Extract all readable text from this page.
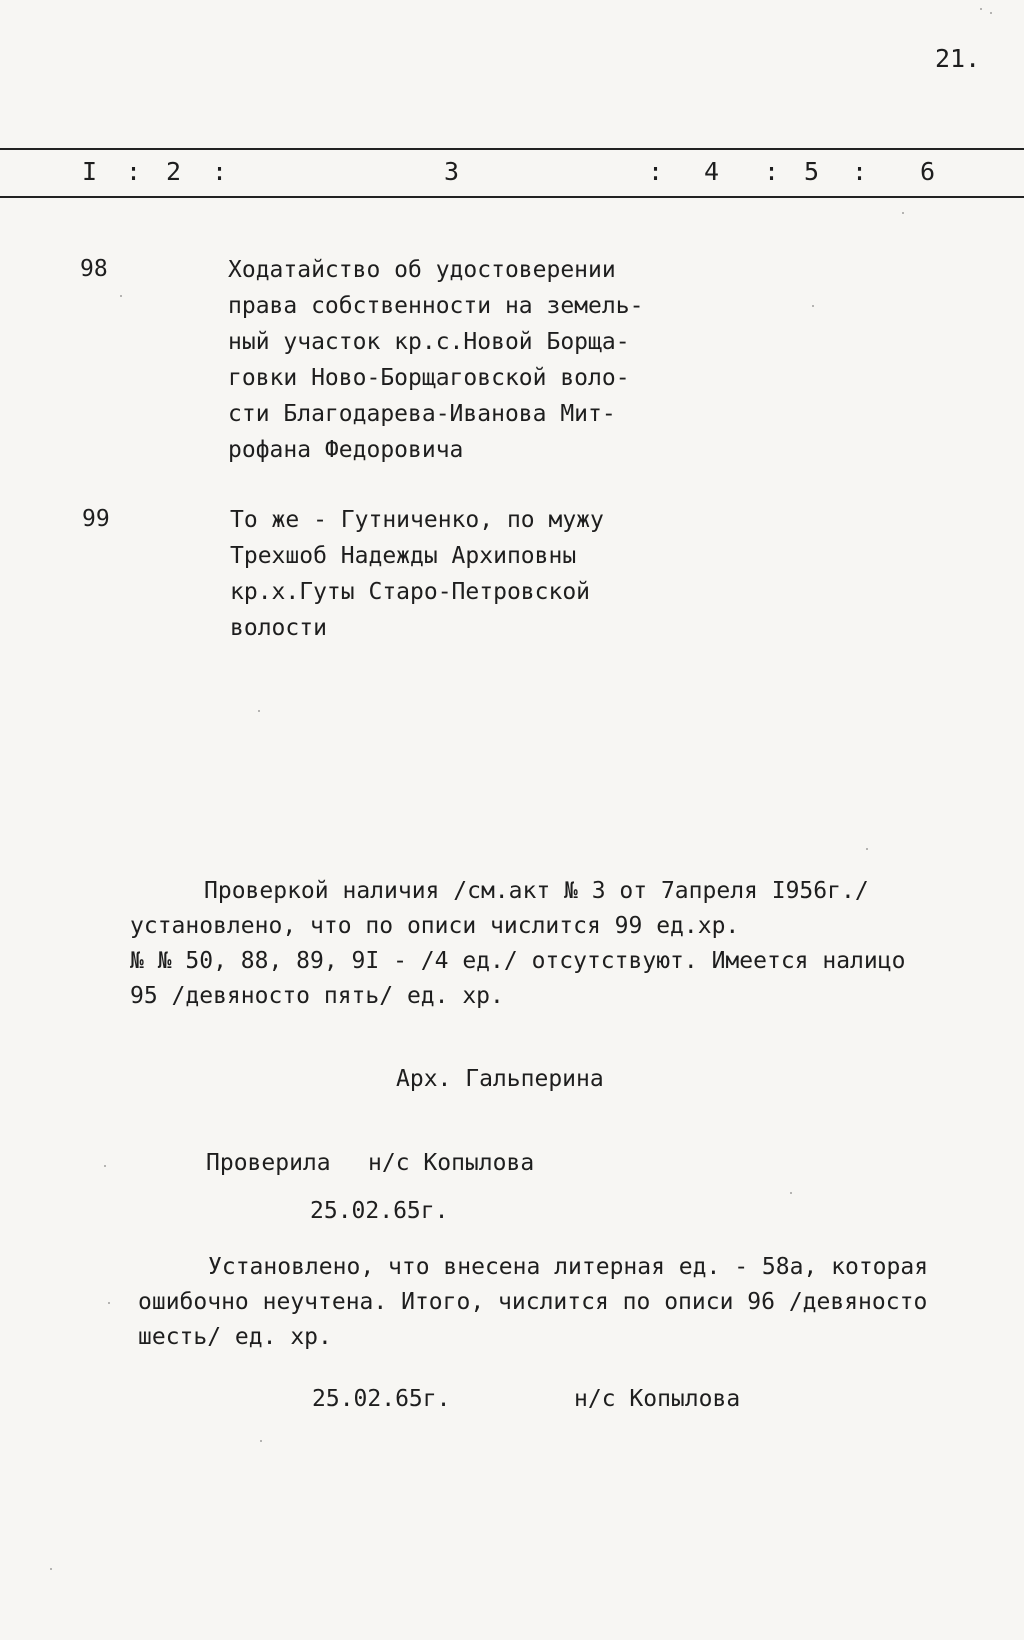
21.
I : 2 :	3	: 4 : 5 : 6
98	Ходатайство об удостоверении
права собственности на земель-
ный участок кр.с.Новой Борща-
говки Ново-Борщаговской воло-
сти Благодарева-Иванова Мит-
рофана Федоровича
99	То же - Гутниченко, по мужу
Трехшоб Надежды Архиповны
кр.х.Гуты Старо-Петровской
волости
Проверкой наличия /см.акт № 3 от 7апреля I956г./
установлено, что по описи числится 99 ед.хр.
№ № 50, 88, 89, 9I - /4 ед./ отсутствуют. Имеется налицо
95 /девяносто пять/ ед. хр.
Арх. Гальперина
Проверила н/с Копылова
25.02.65г.
Установлено, что внесена литерная ед. - 58а, которая
ошибочно неучтена. Итого, числится по описи 96 /девяносто
шесть/ ед. хр.
25.02.65г.	н/с Копылова
